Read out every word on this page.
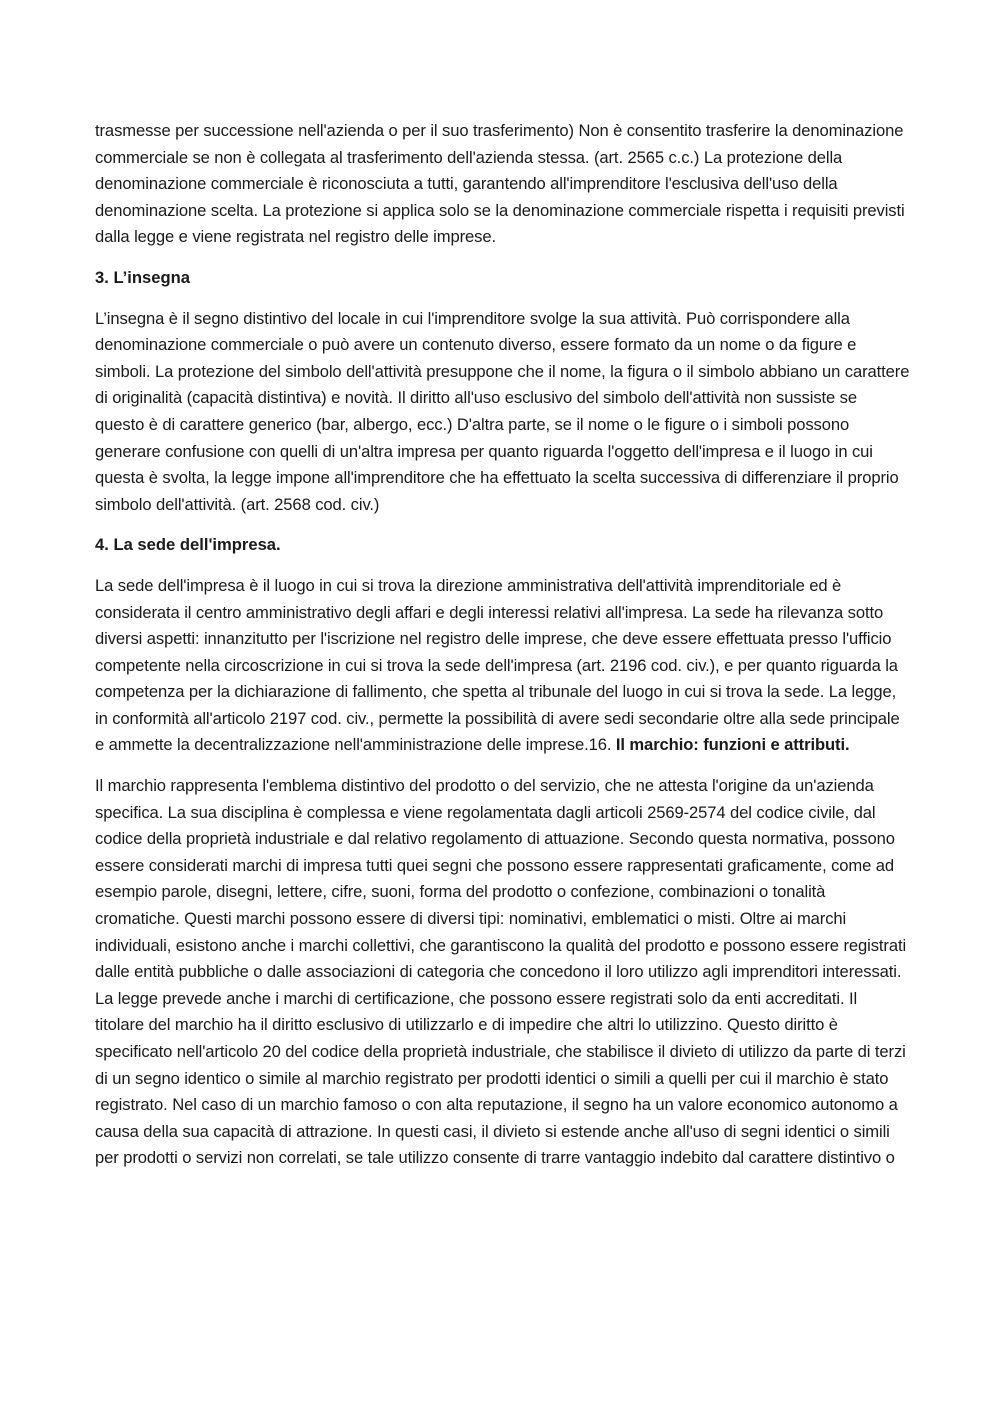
trasmesse per successione nell'azienda o per il suo trasferimento) Non è consentito trasferire la denominazione commerciale se non è collegata al trasferimento dell'azienda stessa. (art. 2565 c.c.) La protezione della denominazione commerciale è riconosciuta a tutti, garantendo all'imprenditore l'esclusiva dell'uso della denominazione scelta. La protezione si applica solo se la denominazione commerciale rispetta i requisiti previsti dalla legge e viene registrata nel registro delle imprese.

3. L’insegna

L’insegna è il segno distintivo del locale in cui l'imprenditore svolge la sua attività. Può corrispondere alla denominazione commerciale o può avere un contenuto diverso, essere formato da un nome o da figure e simboli. La protezione del simbolo dell'attività presuppone che il nome, la figura o il simbolo abbiano un carattere di originalità (capacità distintiva) e novità. Il diritto all'uso esclusivo del simbolo dell'attività non sussiste se questo è di carattere generico (bar, albergo, ecc.) D'altra parte, se il nome o le figure o i simboli possono generare confusione con quelli di un'altra impresa per quanto riguarda l'oggetto dell'impresa e il luogo in cui questa è svolta, la legge impone all'imprenditore che ha effettuato la scelta successiva di differenziare il proprio simbolo dell'attività. (art. 2568 cod. civ.)

4. La sede dell'impresa.

La sede dell'impresa è il luogo in cui si trova la direzione amministrativa dell'attività imprenditoriale ed è considerata il centro amministrativo degli affari e degli interessi relativi all'impresa. La sede ha rilevanza sotto diversi aspetti: innanzitutto per l'iscrizione nel registro delle imprese, che deve essere effettuata presso l'ufficio competente nella circoscrizione in cui si trova la sede dell'impresa (art. 2196 cod. civ.), e per quanto riguarda la competenza per la dichiarazione di fallimento, che spetta al tribunale del luogo in cui si trova la sede. La legge, in conformità all'articolo 2197 cod. civ., permette la possibilità di avere sedi secondarie oltre alla sede principale e ammette la decentralizzazione nell'amministrazione delle imprese.16. Il marchio: funzioni e attributi.

Il marchio rappresenta l'emblema distintivo del prodotto o del servizio, che ne attesta l'origine da un'azienda specifica. La sua disciplina è complessa e viene regolamentata dagli articoli 2569-2574 del codice civile, dal codice della proprietà industriale e dal relativo regolamento di attuazione. Secondo questa normativa, possono essere considerati marchi di impresa tutti quei segni che possono essere rappresentati graficamente, come ad esempio parole, disegni, lettere, cifre, suoni, forma del prodotto o confezione, combinazioni o tonalità cromatiche. Questi marchi possono essere di diversi tipi: nominativi, emblematici o misti. Oltre ai marchi individuali, esistono anche i marchi collettivi, che garantiscono la qualità del prodotto e possono essere registrati dalle entità pubbliche o dalle associazioni di categoria che concedono il loro utilizzo agli imprenditori interessati. La legge prevede anche i marchi di certificazione, che possono essere registrati solo da enti accreditati. Il titolare del marchio ha il diritto esclusivo di utilizzarlo e di impedire che altri lo utilizzino. Questo diritto è specificato nell'articolo 20 del codice della proprietà industriale, che stabilisce il divieto di utilizzo da parte di terzi di un segno identico o simile al marchio registrato per prodotti identici o simili a quelli per cui il marchio è stato registrato. Nel caso di un marchio famoso o con alta reputazione, il segno ha un valore economico autonomo a causa della sua capacità di attrazione. In questi casi, il divieto si estende anche all'uso di segni identici o simili per prodotti o servizi non correlati, se tale utilizzo consente di trarre vantaggio indebito dal carattere distintivo o
